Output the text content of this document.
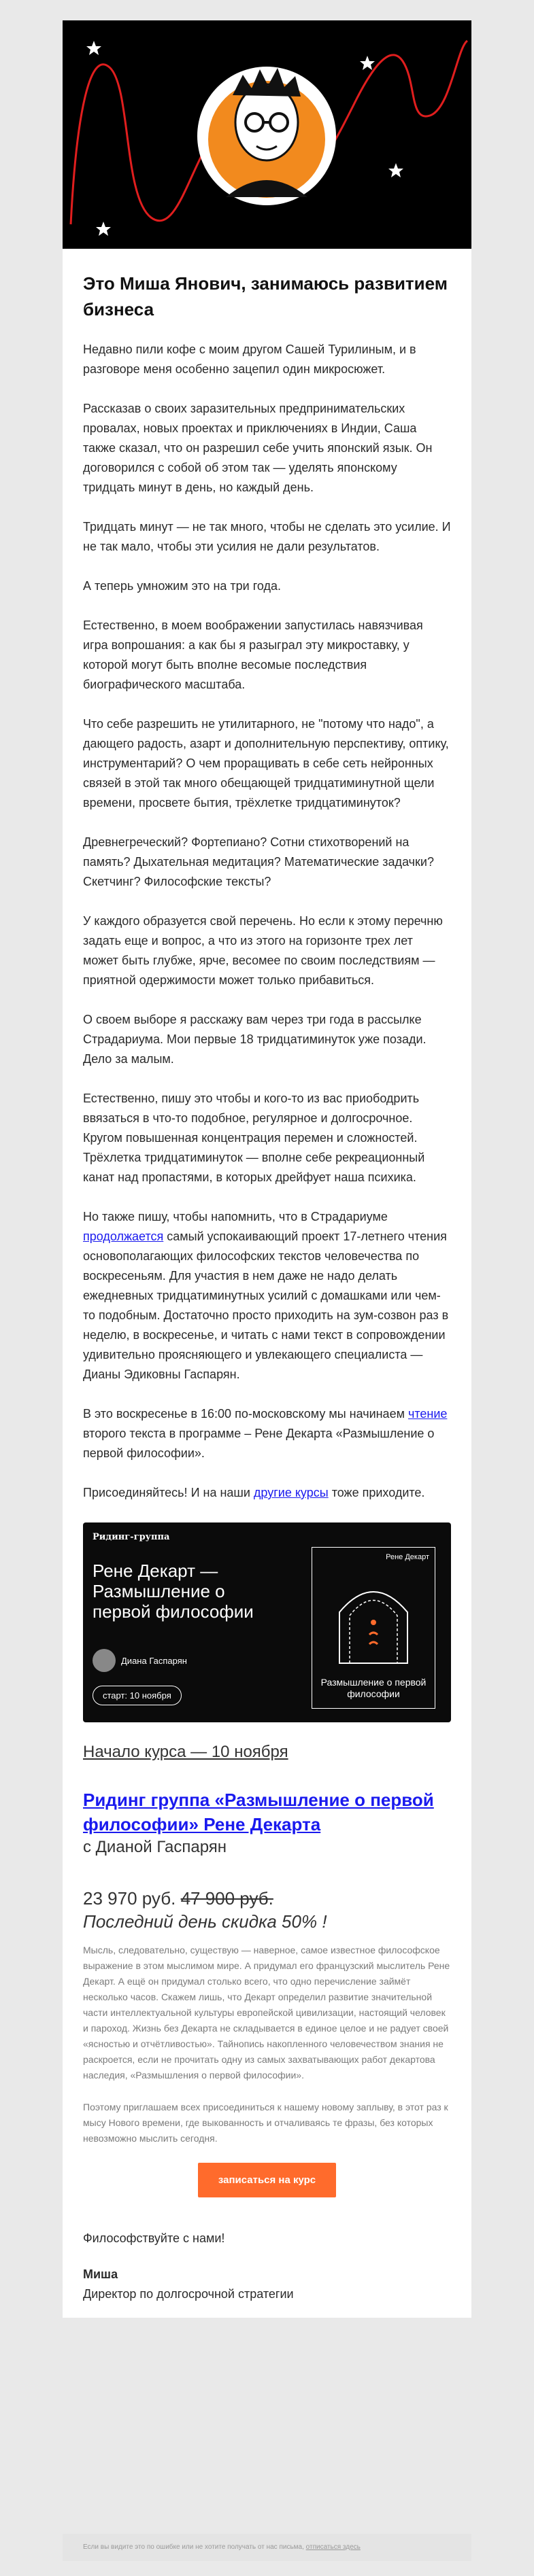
Это Миша Янович, занимаюсь развитием бизнеса

Недавно пили кофе с моим другом Сашей Турилиным, и в разговоре меня особенно зацепил один микросюжет.

Рассказав о своих заразительных предпринимательских провалах, новых проектах и приключениях в Индии, Саша также сказал, что он разрешил себе учить японский язык. Он договорился с собой об этом так — уделять японскому тридцать минут в день, но каждый день.

Тридцать минут — не так много, чтобы не сделать это усилие. И не так мало, чтобы эти усилия не дали результатов.

А теперь умножим это на три года.

Естественно, в моем воображении запустилась навязчивая игра вопрошания: а как бы я разыграл эту микроставку, у которой могут быть вполне весомые последствия биографического масштаба.

Что себе разрешить не утилитарного, не "потому что надо", а дающего радость, азарт и дополнительную перспективу, оптику, инструментарий? О чем проращивать в себе сеть нейронных связей в этой так много обещающей тридцатиминутной щели времени, просвете бытия, трёхлетке тридцатиминуток?

Древнегреческий? Фортепиано? Сотни стихотворений на память? Дыхательная медитация? Математические задачки? Скетчинг? Философские тексты?

У каждого образуется свой перечень. Но если к этому перечню задать еще и вопрос, а что из этого на горизонте трех лет может быть глубже, ярче, весомее по своим последствиям — приятной одержимости может только прибавиться.

О своем выборе я расскажу вам через три года в рассылке Страдариума. Мои первые 18 тридцатиминуток уже позади. Дело за малым.

Естественно, пишу это чтобы и кого-то из вас приободрить ввязаться в что-то подобное, регулярное и долгосрочное. Кругом повышенная концентрация перемен и сложностей. Трёхлетка тридцатиминуток — вполне себе рекреационный канат над пропастями, в которых дрейфует наша психика.

Но также пишу, чтобы напомнить, что в Страдариуме продолжается самый успокаивающий проект 17-летнего чтения основополагающих философских текстов человечества по воскресеньям. Для участия в нем даже не надо делать ежедневных тридцатиминутных усилий с домашками или чем-то подобным. Достаточно просто приходить на зум-созвон раз в неделю, в воскресенье, и читать с нами текст в сопровождении удивительно проясняющего и увлекающего специалиста — Дианы Эдиковны Гаспарян.

В это воскресенье в 16:00 по-московскому мы начинаем чтение второго текста в программе – Рене Декарта «Размышление о первой философии».

Присоединяйтесь! И на наши другие курсы тоже приходите.

Ридинг-группа
Рене Декарт — Размышление о первой философии
Диана Гаспарян
старт: 10 ноября
Рене Декарт
Размышление о первой философии
Начало курса — 10 ноября

Ридинг группа «Размышление о первой философии» Рене Декарта

с Дианой Гаспарян

23 970 руб. 47 900 руб.

Последний день скидка 50% !

Мысль, следовательно, существую — наверное, самое известное философское выражение в этом мыслимом мире. А придумал его французский мыслитель Рене Декарт. А ещё он придумал столько всего, что одно перечисление займёт несколько часов. Скажем лишь, что Декарт определил развитие значительной части интеллектуальной культуры европейской цивилизации, настоящий человек и пароход. Жизнь без Декарта не складывается в единое целое и не радует своей «ясностью и отчётливостью». Тайнопись накопленного человечеством знания не раскроется, если не прочитать одну из самых захватывающих работ декартова наследия, «Размышления о первой философии».

Поэтому приглашаем всех присоединиться к нашему новому заплыву, в этот раз к мысу Нового времени, где выкованность и отчаливаясь те фразы, без которых невозможно мыслить сегодня.

записаться на курс

Философствуйте с нами!

Миша

Директор по долгосрочной стратегии

Если вы видите это по ошибке или не хотите получать от нас письма, отписаться здесь
